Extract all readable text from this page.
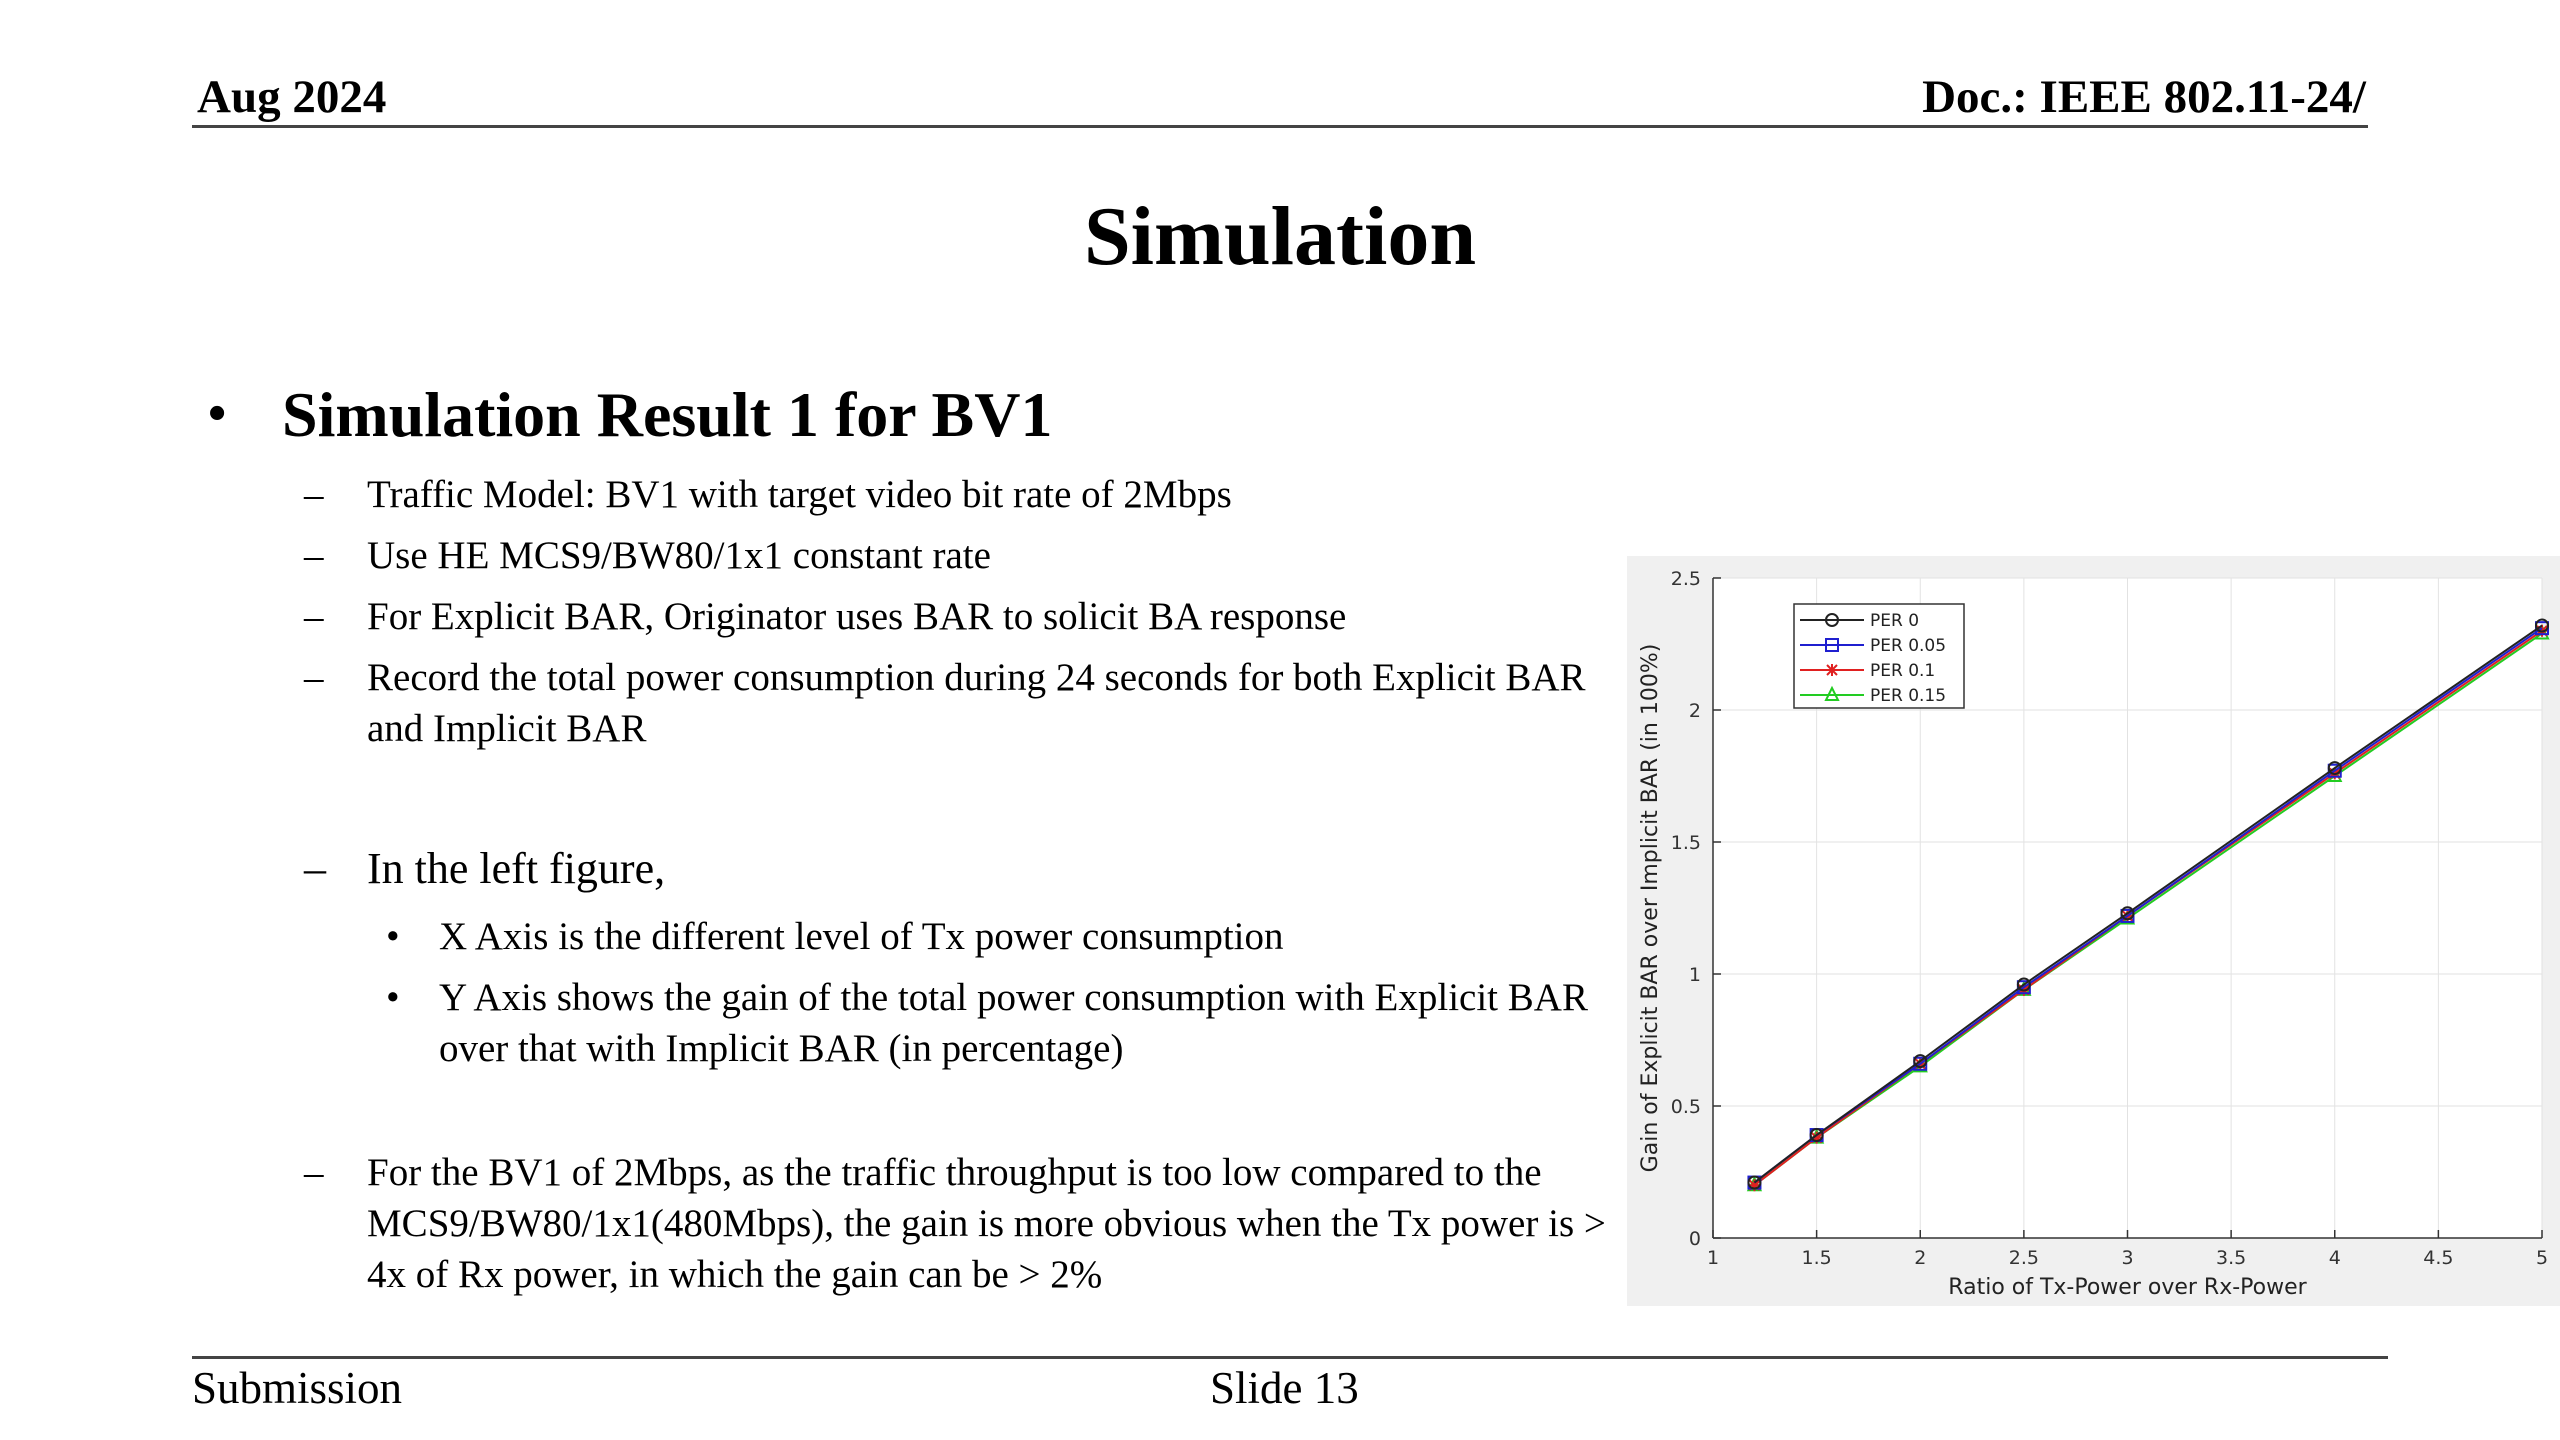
Aug 2024	Doc.: IEEE 802.11-24/
Simulation
• Simulation Result 1 for BV1
– Traffic Model: BV1 with target video bit rate of 2Mbps
– Use HE MCS9/BW80/1x1 constant rate
– For Explicit BAR, Originator uses BAR to solicit BA response
– Record the total power consumption during 24 seconds for both Explicit BAR and Implicit BAR
– In the left figure,
– For the BV1 of 2Mbps, as the traffic throughput is too low compared to the MCS9/BW80/1x1(480Mbps), the gain is more obvious when the Tx power is > 4x of Rx power, in which the gain can be > 2%
• X Axis is the different level of Tx power consumption
• Y Axis shows the gain of the total power consumption with Explicit BAR over that with Implicit BAR (in percentage)
1	1.5	2	2.5	3	3.5	4	4.5	5
0
0.5
1
1.5
2
2.5
Ratio of Tx-Power over Rx-Power
Gain of Explicit BAR over Implicit BAR (in 100%)
PER 0
PER 0.05
PER 0.1
PER 0.15
Submission	Slide 13
